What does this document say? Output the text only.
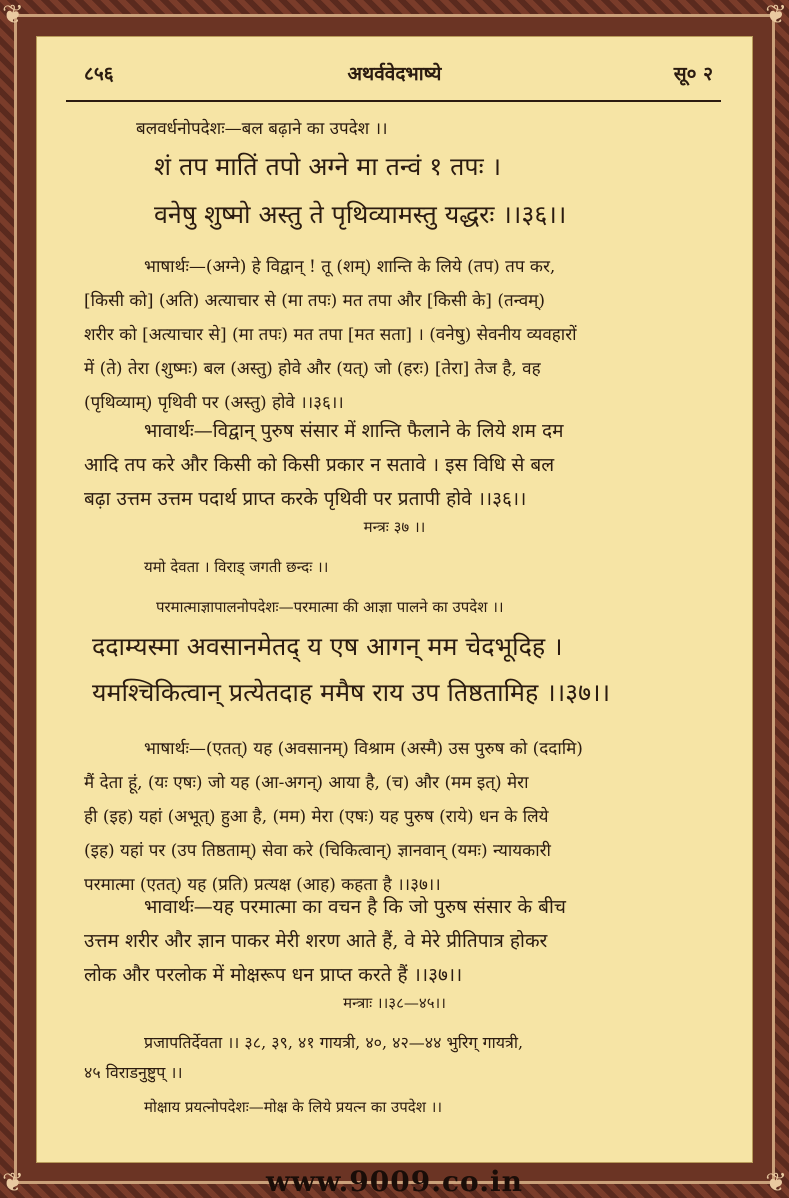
❦	❦
❦	❦
८५६	अथर्ववेदभाष्ये	सू० २
बलवर्धनोपदेशः—बल बढ़ाने का उपदेश ।।
शं तप मातिं तपो अग्ने मा तन्वं १ तपः ।
वनेषु शुष्मो अस्तु ते पृथिव्यामस्तु यद्धरः ।।३६।।
भाषार्थः—(अग्ने) हे विद्वान् ! तू (शम्) शान्ति के लिये (तप) तप कर,
[किसी को] (अति) अत्याचार से (मा तपः) मत तपा और [किसी के] (तन्वम्)
शरीर को [अत्याचार से] (मा तपः) मत तपा [मत सता] । (वनेषु) सेवनीय व्यवहारों
में (ते) तेरा (शुष्मः) बल (अस्तु) होवे और (यत्) जो (हरः) [तेरा] तेज है, वह
(पृथिव्याम्) पृथिवी पर (अस्तु) होवे ।।३६।।
भावार्थः—विद्वान् पुरुष संसार में शान्ति फैलाने के लिये शम दम
आदि तप करे और किसी को किसी प्रकार न सतावे । इस विधि से बल
बढ़ा उत्तम उत्तम पदार्थ प्राप्त करके पृथिवी पर प्रतापी होवे ।।३६।।
मन्त्रः ३७ ।।
यमो देवता । विराड् जगती छन्दः ।।
परमात्माज्ञापालनोपदेशः—परमात्मा की आज्ञा पालने का उपदेश ।।
ददाम्यस्मा अवसानमेतद् य एष आगन् मम चेदभूदिह ।
यमश्चिकित्वान् प्रत्येतदाह ममैष राय उप तिष्ठतामिह ।।३७।।
भाषार्थः—(एतत्) यह (अवसानम्) विश्राम (अस्मै) उस पुरुष को (ददामि)
मैं देता हूं, (यः एषः) जो यह (आ-अगन्) आया है, (च) और (मम इत्) मेरा
ही (इह) यहां (अभूत्) हुआ है, (मम) मेरा (एषः) यह पुरुष (राये) धन के लिये
(इह) यहां पर (उप तिष्ठताम्) सेवा करे (चिकित्वान्) ज्ञानवान् (यमः) न्यायकारी
परमात्मा (एतत्) यह (प्रति) प्रत्यक्ष (आह) कहता है ।।३७।।
भावार्थः—यह परमात्मा का वचन है कि जो पुरुष संसार के बीच
उत्तम शरीर और ज्ञान पाकर मेरी शरण आते हैं, वे मेरे प्रीतिपात्र होकर
लोक और परलोक में मोक्षरूप धन प्राप्त करते हैं ।।३७।।
मन्त्राः ।।३८—४५।।
प्रजापतिर्देवता ।। ३८, ३९, ४१ गायत्री, ४०, ४२—४४ भुरिग् गायत्री,
४५ विराडनुष्टुप् ।।
मोक्षाय प्रयत्नोपदेशः—मोक्ष के लिये प्रयत्न का उपदेश ।।
www.9009.co.in
